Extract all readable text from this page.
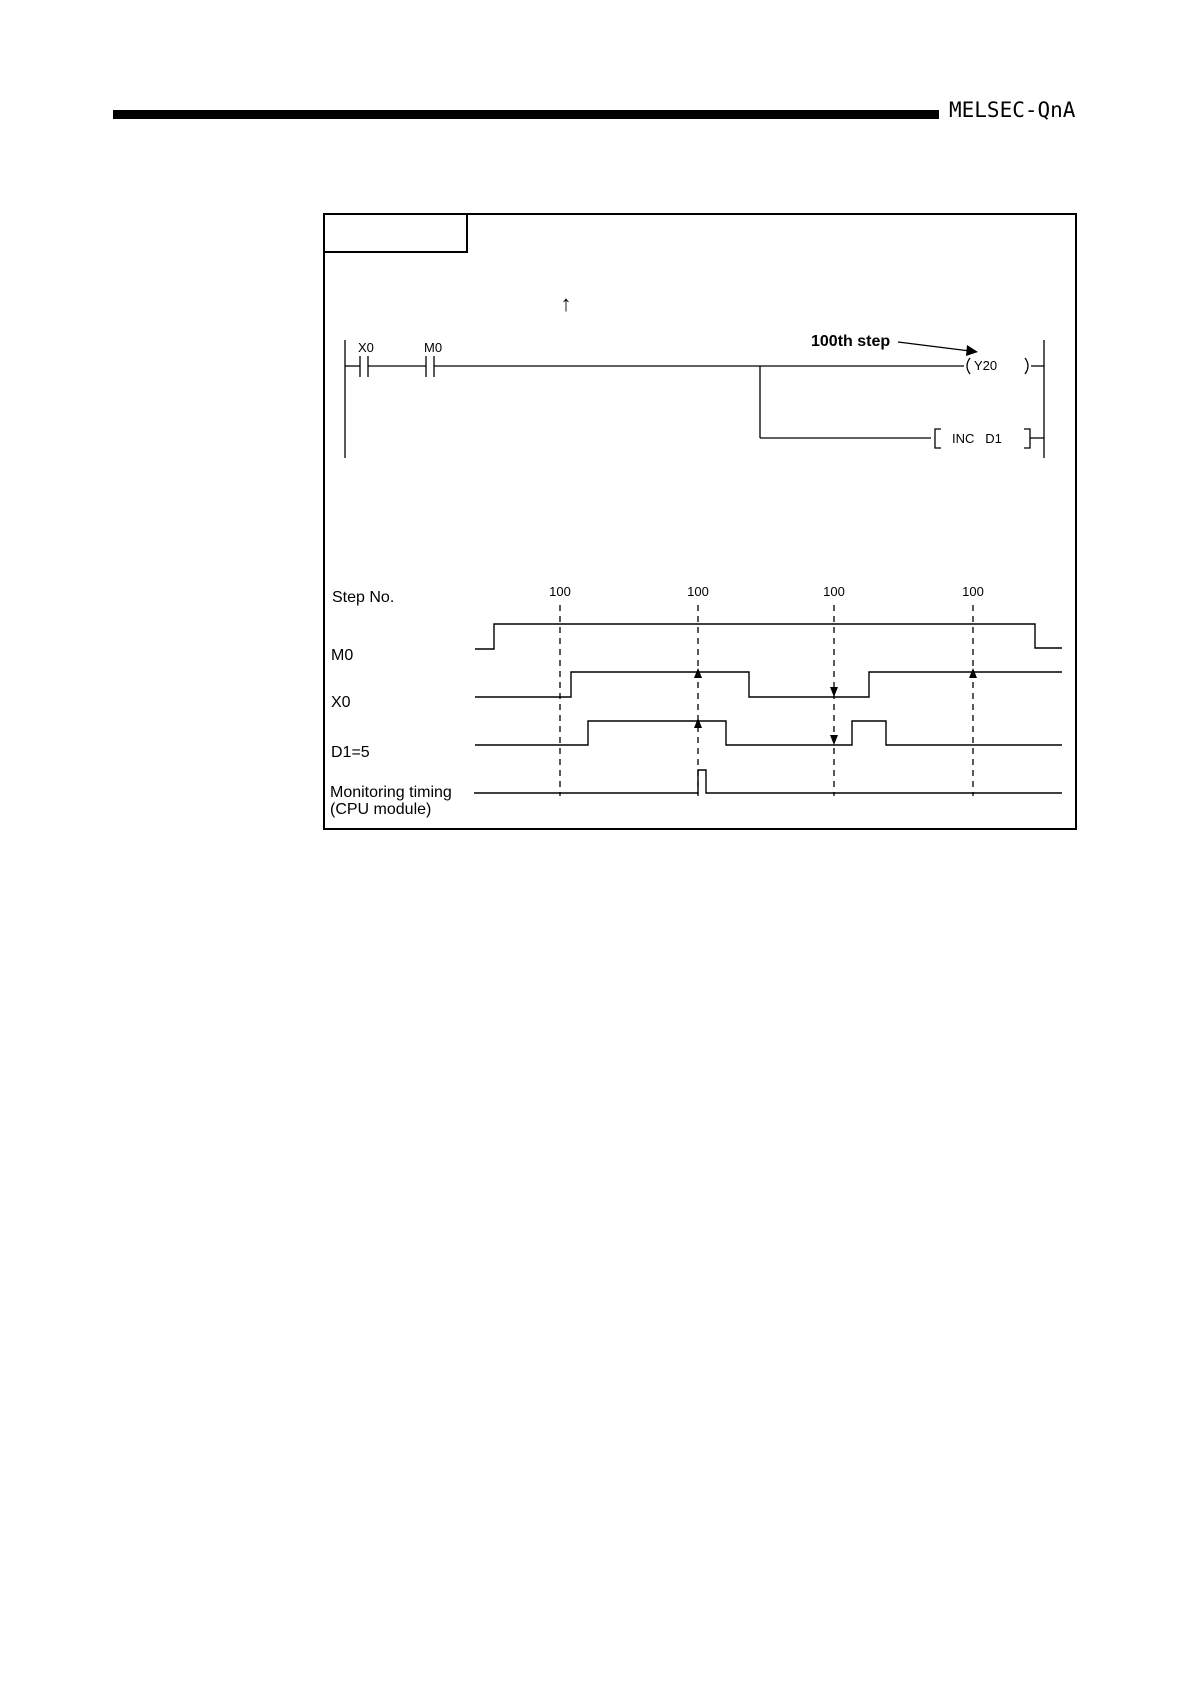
MELSEC-QnA
↑
X0	M0
Y20
INC   D1
100th step
Step No.	100	100	100	100
M0
X0
D1=5
Monitoring timing
(CPU module)
